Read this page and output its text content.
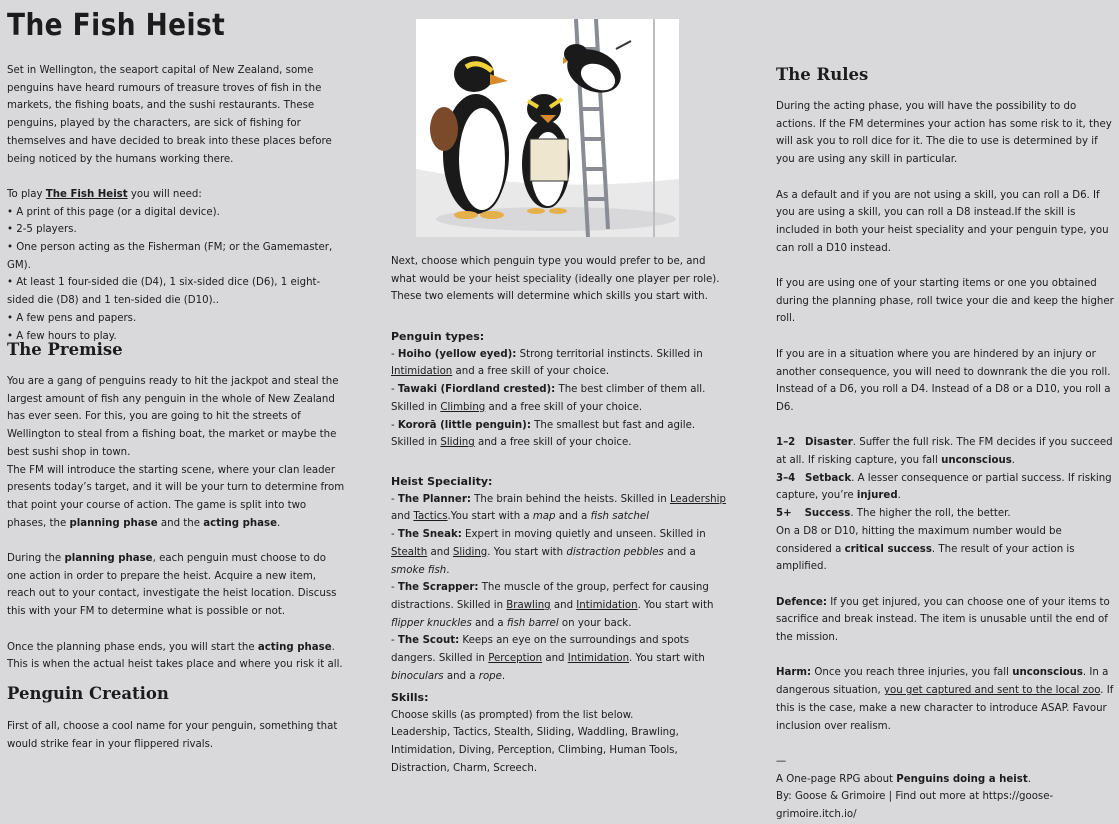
The Fish Heist

Set in Wellington, the seaport capital of New Zealand, some penguins have heard rumours of treasure troves of fish in the markets, the fishing boats, and the sushi restaurants. These penguins, played by the characters, are sick of fishing for themselves and have decided to break into these places before being noticed by the humans working there.

To play The Fish Heist you will need:

• A print of this page (or a digital device).

• 2-5 players.

• One person acting as the Fisherman (FM; or the Gamemaster, GM).

• At least 1 four-sided die (D4), 1 six-sided dice (D6), 1 eight-sided die (D8) and 1 ten-sided die (D10)..

• A few pens and papers.

• A few hours to play.

The Premise

You are a gang of penguins ready to hit the jackpot and steal the largest amount of fish any penguin in the whole of New Zealand has ever seen. For this, you are going to hit the streets of Wellington to steal from a fishing boat, the market or maybe the best sushi shop in town.

The FM will introduce the starting scene, where your clan leader presents today’s target, and it will be your turn to determine from that point your course of action. The game is split into two phases, the planning phase and the acting phase.

During the planning phase, each penguin must choose to do one action in order to prepare the heist. Acquire a new item, reach out to your contact, investigate the heist location. Discuss this with your FM to determine what is possible or not.

Once the planning phase ends, you will start the acting phase. This is when the actual heist takes place and where you risk it all.

Penguin Creation

First of all, choose a cool name for your penguin, something that would strike fear in your flippered rivals.

Next, choose which penguin type you would prefer to be, and what would be your heist speciality (ideally one player per role). These two elements will determine which skills you start with.

Penguin types:

- Hoiho (yellow eyed): Strong territorial instincts. Skilled in Intimidation and a free skill of your choice.

- Tawaki (Fiordland crested): The best climber of them all. Skilled in Climbing and a free skill of your choice.

- Kororā (little penguin): The smallest but fast and agile. Skilled in Sliding and a free skill of your choice.

Heist Speciality:

- The Planner: The brain behind the heists. Skilled in Leadership and Tactics.You start with a map and a fish satchel

- The Sneak: Expert in moving quietly and unseen. Skilled in Stealth and Sliding. You start with distraction pebbles and a smoke fish.

- The Scrapper: The muscle of the group, perfect for causing distractions. Skilled in Brawling and Intimidation. You start with flipper knuckles and a fish barrel on your back.

- The Scout: Keeps an eye on the surroundings and spots dangers. Skilled in Perception and Intimidation. You start with binoculars and a rope.

Skills:

Choose skills (as prompted) from the list below.

Leadership, Tactics, Stealth, Sliding, Waddling, Brawling, Intimidation, Diving, Perception, Climbing, Human Tools, Distraction, Charm, Screech.

The Rules

During the acting phase, you will have the possibility to do actions. If the FM determines your action has some risk to it, they will ask you to roll dice for it. The die to use is determined by if you are using any skill in particular.

As a default and if you are not using a skill, you can roll a D6. If you are using a skill, you can roll a D8 instead.If the skill is included in both your heist speciality and your penguin type, you can roll a D10 instead.

If you are using one of your starting items or one you obtained during the planning phase, roll twice your die and keep the higher roll.

If you are in a situation where you are hindered by an injury or another consequence, you will need to downrank the die you roll. Instead of a D6, you roll a D4. Instead of a D8 or a D10, you roll a D6.

1–2 Disaster. Suffer the full risk. The FM decides if you succeed at all. If risking capture, you fall unconscious.

3–4 Setback. A lesser consequence or partial success. If risking capture, you’re injured.

5+ Success. The higher the roll, the better.

On a D8 or D10, hitting the maximum number would be considered a critical success. The result of your action is amplified.

Defence: If you get injured, you can choose one of your items to sacrifice and break instead. The item is unusable until the end of the mission.

Harm: Once you reach three injuries, you fall unconscious. In a dangerous situation, you get captured and sent to the local zoo. If this is the case, make a new character to introduce ASAP. Favour inclusion over realism.

—

A One-page RPG about Penguins doing a heist.

By: Goose & Grimoire | Find out more at https://goose-grimoire.itch.io/
